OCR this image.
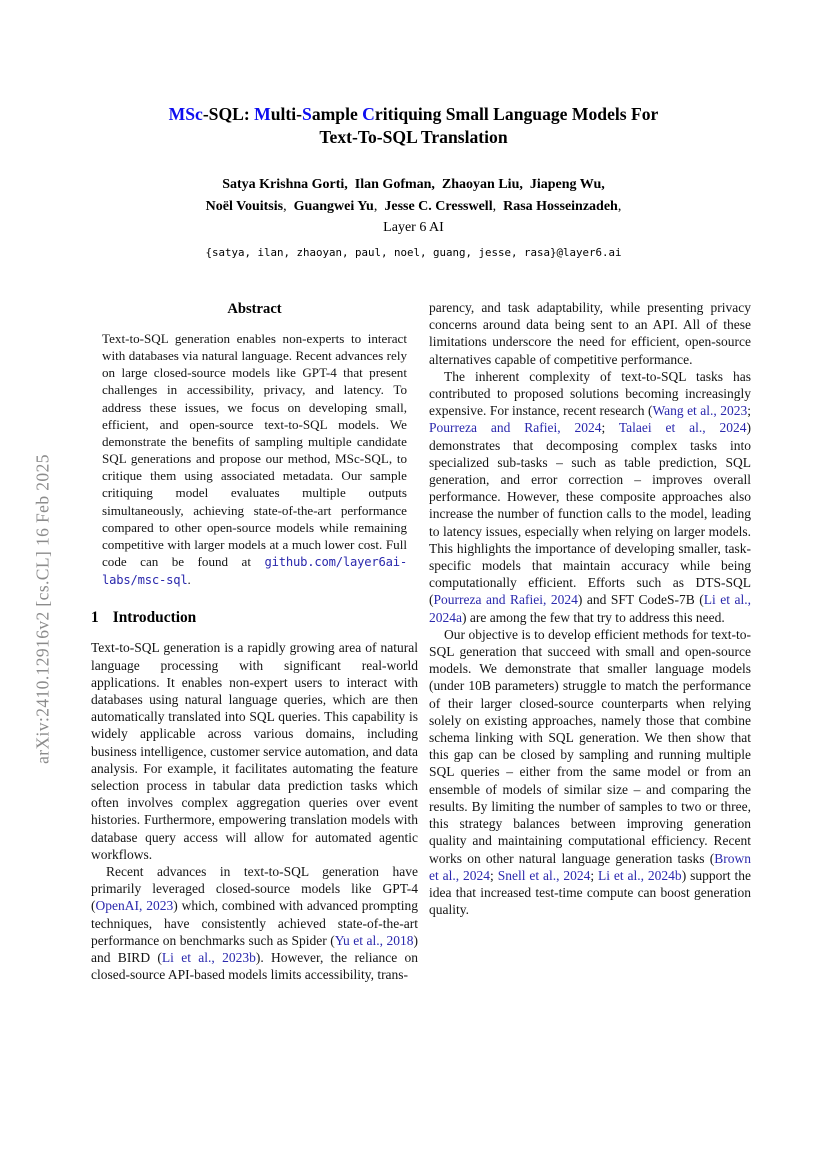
arXiv:2410.12916v2 [cs.CL] 16 Feb 2025
MSc-SQL: Multi-Sample Critiquing Small Language Models For
Text-To-SQL Translation
Satya Krishna Gorti,  Ilan Gofman,  Zhaoyan Liu,  Jiapeng Wu,
Noël Vouitsis,  Guangwei Yu,  Jesse C. Cresswell,  Rasa Hosseinzadeh,
Layer 6 AI
{satya, ilan, zhaoyan, paul, noel, guang, jesse, rasa}@layer6.ai
Abstract

Text-to-SQL generation enables non-experts to interact with databases via natural language. Recent advances rely on large closed-source models like GPT-4 that present challenges in accessibility, privacy, and latency. To address these issues, we focus on developing small, efficient, and open-source text-to-SQL models. We demonstrate the benefits of sampling multiple candidate SQL generations and propose our method, MSc-SQL, to critique them using associated metadata. Our sample critiquing model evaluates multiple outputs simultaneously, achieving state-of-the-art performance compared to other open-source models while remaining competitive with larger models at a much lower cost. Full code can be found at github.com/layer6ai-labs/msc-sql.

1 Introduction

Text-to-SQL generation is a rapidly growing area of natural language processing with significant real-world applications. It enables non-expert users to interact with databases using natural language queries, which are then automatically translated into SQL queries. This capability is widely applicable across various domains, including business intelligence, customer service automation, and data analysis. For example, it facilitates automating the feature selection process in tabular data prediction tasks which often involves complex aggregation queries over event histories. Furthermore, empowering translation models with database query access will allow for automated agentic workflows.

Recent advances in text-to-SQL generation have primarily leveraged closed-source models like GPT-4 (OpenAI, 2023) which, combined with advanced prompting techniques, have consistently achieved state-of-the-art performance on benchmarks such as Spider (Yu et al., 2018) and BIRD (Li et al., 2023b). However, the reliance on closed-source API-based models limits accessibility, trans-

parency, and task adaptability, while presenting privacy concerns around data being sent to an API. All of these limitations underscore the need for efficient, open-source alternatives capable of competitive performance.

The inherent complexity of text-to-SQL tasks has contributed to proposed solutions becoming increasingly expensive. For instance, recent research (Wang et al., 2023; Pourreza and Rafiei, 2024; Talaei et al., 2024) demonstrates that decomposing complex tasks into specialized sub-tasks – such as table prediction, SQL generation, and error correction – improves overall performance. However, these composite approaches also increase the number of function calls to the model, leading to latency issues, especially when relying on larger models. This highlights the importance of developing smaller, task-specific models that maintain accuracy while being computationally efficient. Efforts such as DTS-SQL (Pourreza and Rafiei, 2024) and SFT CodeS-7B (Li et al., 2024a) are among the few that try to address this need.

Our objective is to develop efficient methods for text-to-SQL generation that succeed with small and open-source models. We demonstrate that smaller language models (under 10B parameters) struggle to match the performance of their larger closed-source counterparts when relying solely on existing approaches, namely those that combine schema linking with SQL generation. We then show that this gap can be closed by sampling and running multiple SQL queries – either from the same model or from an ensemble of models of similar size – and comparing the results. By limiting the number of samples to two or three, this strategy balances between improving generation quality and maintaining computational efficiency. Recent works on other natural language generation tasks (Brown et al., 2024; Snell et al., 2024; Li et al., 2024b) support the idea that increased test-time compute can boost generation quality.
